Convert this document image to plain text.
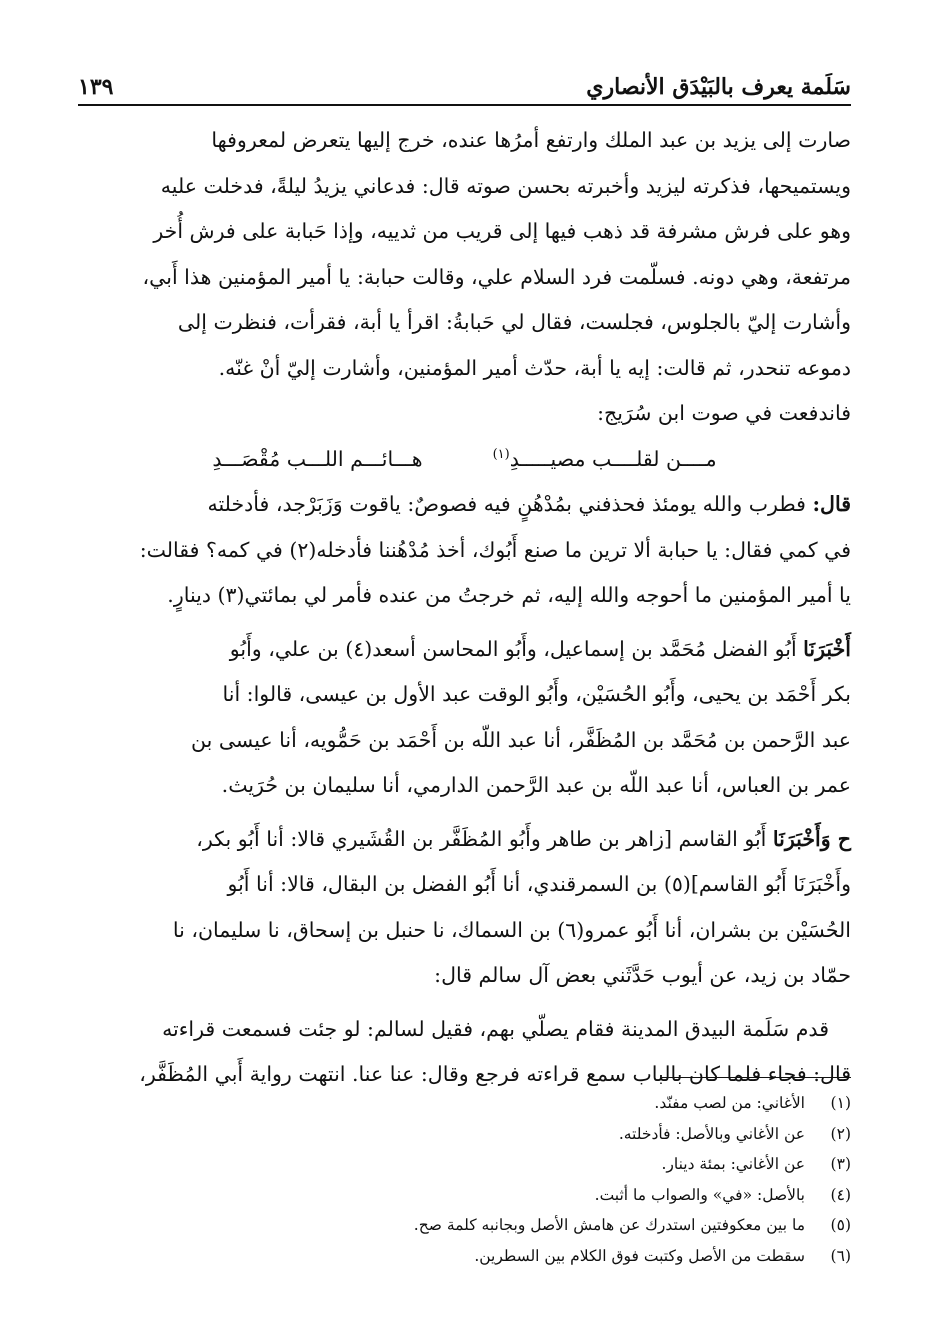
سَلَمة يعرف بالبَيْدَق الأنصاري
١٣٩

صارت إلى يزيد بن عبد الملك وارتفع أمرُها عنده، خرج إليها يتعرض لمعروفها

ويستميحها، فذكرته ليزيد وأخبرته بحسن صوته قال: فدعاني يزيدُ ليلةً، فدخلت عليه

وهو على فرش مشرفة قد ذهب فيها إلى قريب من ثدييه، وإذا حَبابة على فرش أُخر

مرتفعة، وهي دونه. فسلّمت فرد السلام علي، وقالت حبابة: يا أمير المؤمنين هذا أَبي،

وأشارت إليّ بالجلوس، فجلست، فقال لي حَبابةُ: اقرأ يا أبة، فقرأت، فنظرت إلى

دموعه تنحدر، ثم قالت: إيه يا أبة، حدّث أمير المؤمنين، وأشارت إليّ أنْ غنّه.

فاندفعت في صوت ابن سُرَيج:

مــــن لقلــــب مصيـــــدِ$^{(١)}$
هـــائـــم اللـــب مُقْصَـــدِ

قال: فطرب والله يومئذ فحذفني بمُدْهُنٍ فيه فصوصٌ: ياقوت وَزَبَرْجد، فأدخلته

في كمي فقال: يا حبابة ألا ترين ما صنع أَبُوك، أخذ مُدْهُننا فأدخله(٢) في كمه؟ فقالت:

يا أمير المؤمنين ما أحوجه والله إليه، ثم خرجتُ من عنده فأمر لي بمائتي(٣) دينارٍ.

أَخْبَرَنَا أَبُو الفضل مُحَمَّد بن إسماعيل، وأَبُو المحاسن أسعد(٤) بن علي، وأَبُو

بكر أَحْمَد بن يحيى، وأَبُو الحُسَيْن، وأَبُو الوقت عبد الأول بن عيسى، قالوا: أنا

عبد الرَّحمن بن مُحَمَّد بن المُظَفَّر، أنا عبد اللّه بن أَحْمَد بن حَمُّويه، أنا عيسى بن

عمر بن العباس، أنا عبد اللّه بن عبد الرَّحمن الدارمي، أنا سليمان بن حُرَيث.

ح وَأَخْبَرَنَا أَبُو القاسم [زاهر بن طاهر وأَبُو المُظَفَّر بن القُشَيري قالا: أنا أَبُو بكر،

وأَخْبَرَنَا أَبُو القاسم](٥) بن السمرقندي، أنا أَبُو الفضل بن البقال، قالا: أنا أَبُو

الحُسَيْن بن بشران، أنا أَبُو عمرو(٦) بن السماك، نا حنبل بن إسحاق، نا سليمان، نا

حمّاد بن زيد، عن أيوب حَدَّثَني بعض آل سالم قال:

قدم سَلَمة البيدق المدينة فقام يصلّي بهم، فقيل لسالم: لو جئت فسمعت قراءته

قال: فجاء فلما كان بالباب سمع قراءته فرجع وقال: عنا عنا. انتهت رواية أَبي المُظَفَّر،

(١)
الأغاني: من لصب مفنّد.

(٢)
عن الأغاني وبالأصل: فأدخلته.

(٣)
عن الأغاني: بمئة دينار.

(٤)
بالأصل: «في» والصواب ما أثبت.

(٥)
ما بين معكوفتين استدرك عن هامش الأصل وبجانبه كلمة صح.

(٦)
سقطت من الأصل وكتبت فوق الكلام بين السطرين.
